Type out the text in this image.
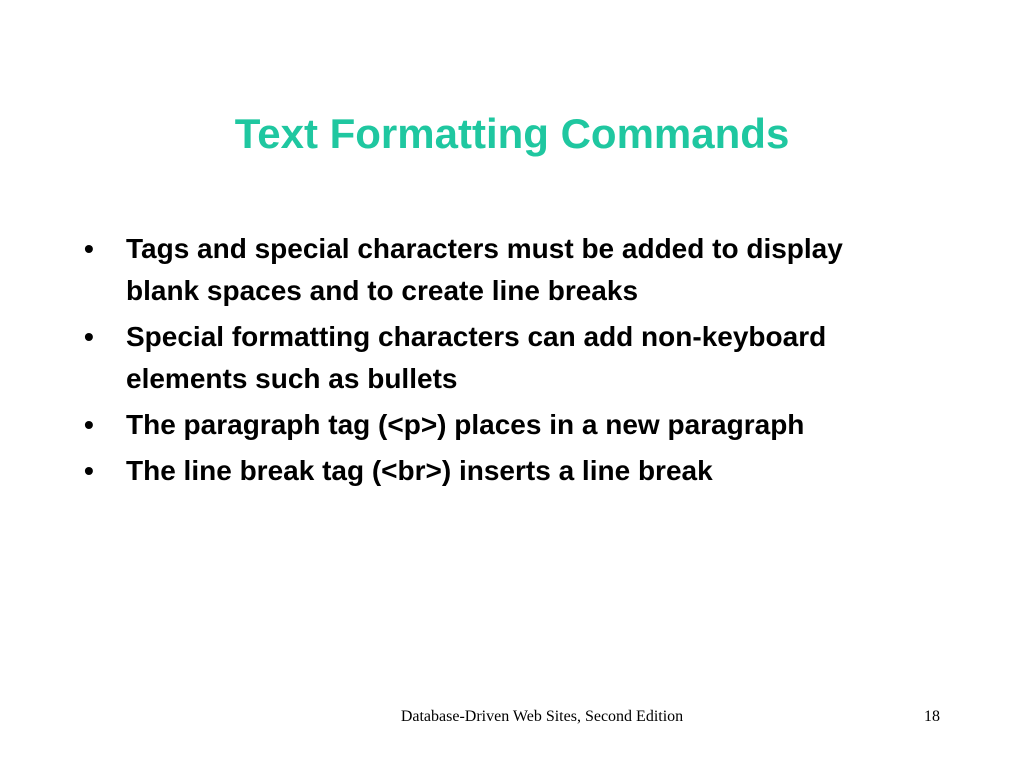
Text Formatting Commands
•	Tags and special characters must be added to display blank spaces and to create line breaks
•	Special formatting characters can add non-keyboard elements such as bullets
•	The paragraph tag (<p>) places in a new paragraph
•	The line break tag (<br>) inserts a line break
Database-Driven Web Sites, Second Edition	18
